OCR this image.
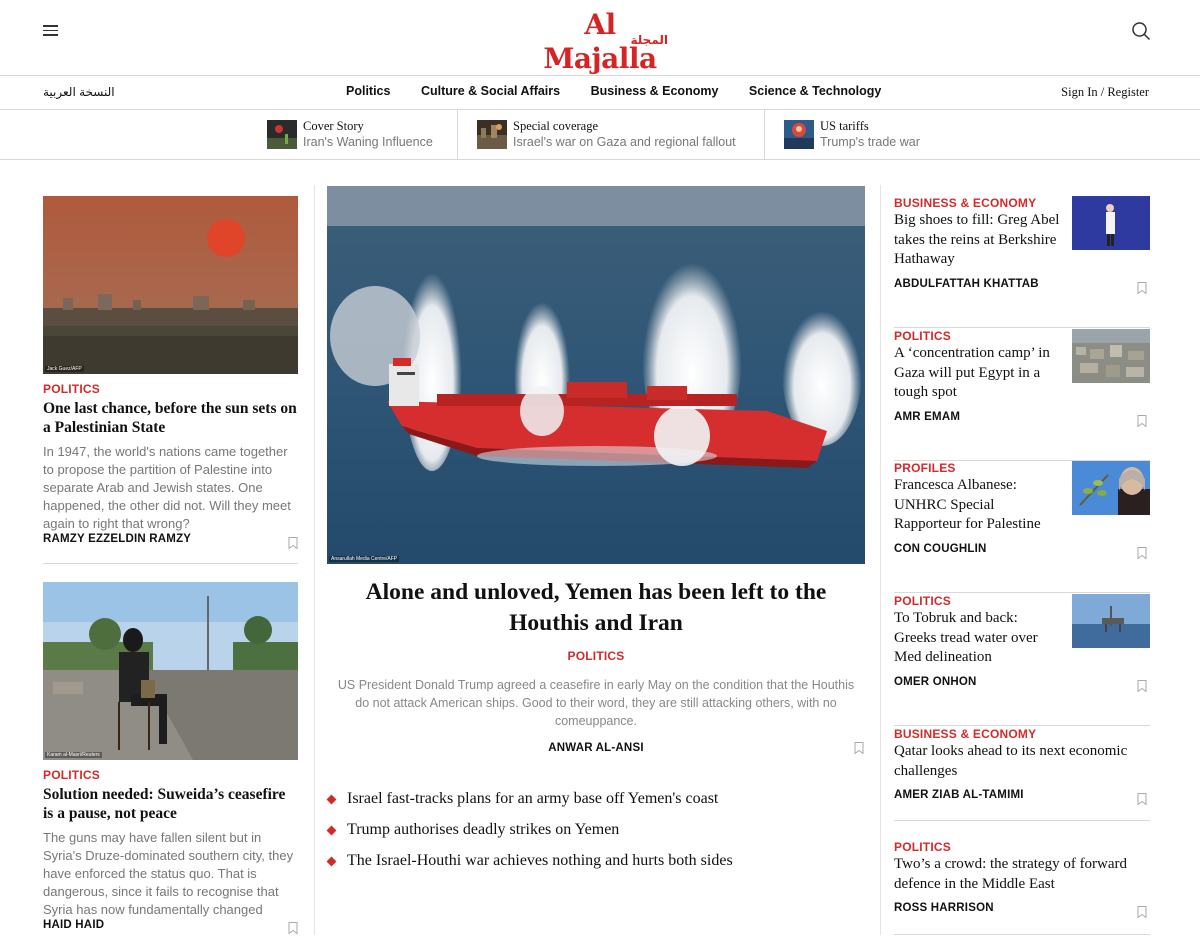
Al Majalla
المجلة
النسخة العربية	Politics Culture & Social Affairs Business & Economy Science & Technology	Sign In / Register
Cover Story
Iran's Waning Influence
Special coverage
Israel's war on Gaza and regional fallout
US tariffs
Trump's trade war
Jack Guez/AFP
POLITICS
One last chance, before the sun sets on a Palestinian State
In 1947, the world's nations came together to propose the partition of Palestine into separate Arab and Jewish states. One happened, the other did not. Will they meet again to right that wrong?
RAMZY EZZELDIN RAMZY
Karam al-Masri/Reuters
POLITICS
Solution needed: Suweida’s ceasefire is a pause, not peace
The guns may have fallen silent but in Syria's Druze-dominated southern city, they have enforced the status quo. That is dangerous, since it fails to recognise that Syria has now fundamentally changed
HAID HAID
Ansarullah Media Centre/AFP
Alone and unloved, Yemen has been left to the Houthis and Iran
POLITICS
US President Donald Trump agreed a ceasefire in early May on the condition that the Houthis do not attack American ships. Good to their word, they are still attacking others, with no comeuppance.
ANWAR AL-ANSI
Israel fast-tracks plans for an army base off Yemen's coast
Trump authorises deadly strikes on Yemen
The Israel-Houthi war achieves nothing and hurts both sides
BUSINESS & ECONOMY
Big shoes to fill: Greg Abel takes the reins at Berkshire Hathaway
ABDULFATTAH KHATTAB
POLITICS
A ‘concentration camp’ in Gaza will put Egypt in a tough spot
AMR EMAM
PROFILES
Francesca Albanese: UNHRC Special Rapporteur for Palestine
CON COUGHLIN
POLITICS
To Tobruk and back: Greeks tread water over Med delineation
OMER ONHON
BUSINESS & ECONOMY
Qatar looks ahead to its next economic challenges
AMER ZIAB AL-TAMIMI
POLITICS
Two’s a crowd: the strategy of forward defence in the Middle East
ROSS HARRISON
